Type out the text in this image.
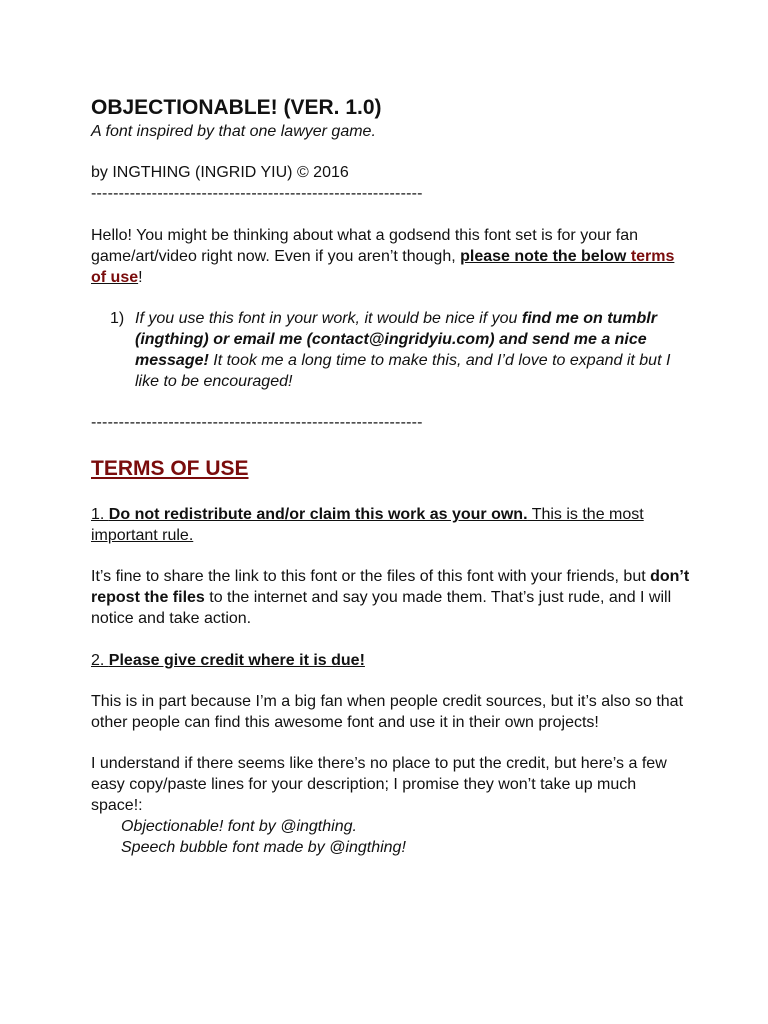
OBJECTIONABLE! (VER. 1.0)

A font inspired by that one lawyer game.

by INGTHING (INGRID YIU) © 2016

------------------------------------------------------------

Hello! You might be thinking about what a godsend this font set is for your fan game/art/video right now. Even if you aren’t though, please note the below terms of use!

1) If you use this font in your work, it would be nice if you find me on tumblr (ingthing) or email me (contact@ingridyiu.com) and send me a nice message! It took me a long time to make this, and I’d love to expand it but I like to be encouraged!

------------------------------------------------------------

TERMS OF USE

1. Do not redistribute and/or claim this work as your own. This is the most important rule.

It’s fine to share the link to this font or the files of this font with your friends, but don’t repost the files to the internet and say you made them. That’s just rude, and I will notice and take action.

2. Please give credit where it is due!

This is in part because I’m a big fan when people credit sources, but it’s also so that other people can find this awesome font and use it in their own projects!

I understand if there seems like there’s no place to put the credit, but here’s a few easy copy/paste lines for your description; I promise they won’t take up much space!:

Objectionable! font by @ingthing.

Speech bubble font made by @ingthing!
